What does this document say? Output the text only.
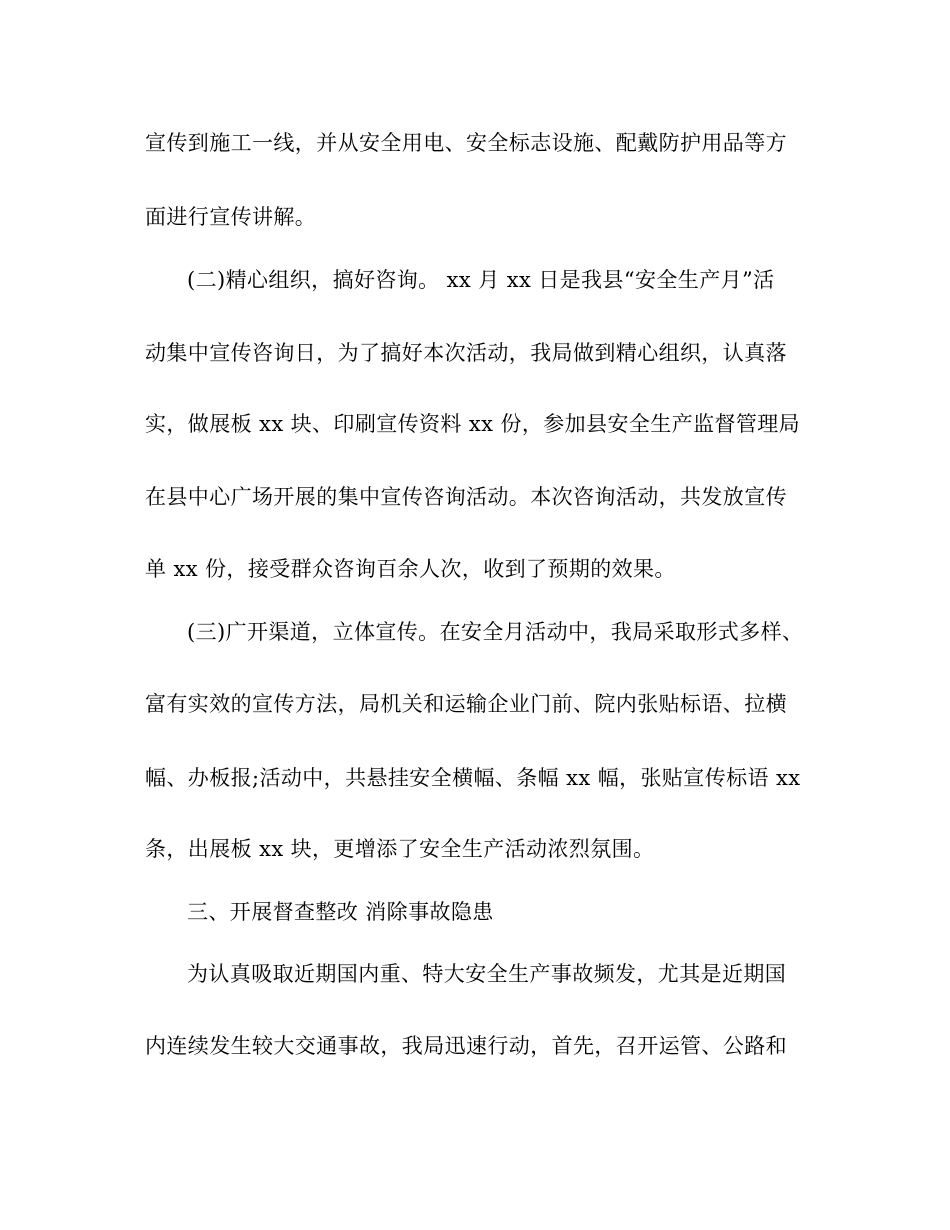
宣传到施工一线，并从安全用电、安全标志设施、配戴防护用品等方
面进行宣传讲解。
(二)精心组织，搞好咨询。 xx 月 xx 日是我县“安全生产月”活
动集中宣传咨询日，为了搞好本次活动，我局做到精心组织，认真落
实，做展板 xx 块、印刷宣传资料 xx 份，参加县安全生产监督管理局
在县中心广场开展的集中宣传咨询活动。本次咨询活动，共发放宣传
单 xx 份，接受群众咨询百余人次，收到了预期的效果。
(三)广开渠道，立体宣传。在安全月活动中，我局采取形式多样、
富有实效的宣传方法，局机关和运输企业门前、院内张贴标语、拉横
幅、办板报;活动中，共悬挂安全横幅、条幅 xx 幅，张贴宣传标语 xx
条，出展板 xx 块，更增添了安全生产活动浓烈氛围。
三、开展督查整改 消除事故隐患
为认真吸取近期国内重、特大安全生产事故频发，尤其是近期国
内连续发生较大交通事故，我局迅速行动，首先，召开运管、公路和
